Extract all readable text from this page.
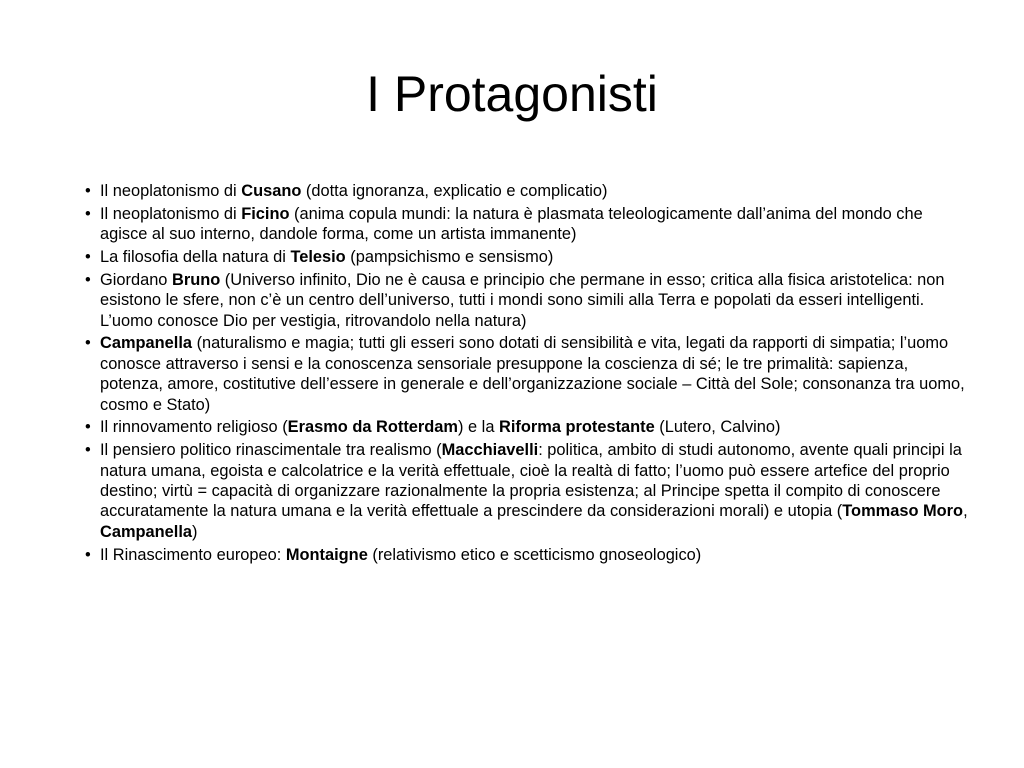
I Protagonisti
• Il neoplatonismo di Cusano (dotta ignoranza, explicatio e complicatio)
• Il neoplatonismo di Ficino (anima copula mundi: la natura è plasmata teleologicamente dall’anima del mondo che agisce al suo interno, dandole forma, come un artista immanente)
• La filosofia della natura di Telesio (pampsichismo e sensismo)
• Giordano Bruno (Universo infinito, Dio ne è causa e principio che permane in esso; critica alla fisica aristotelica: non esistono le sfere, non c’è un centro dell’universo, tutti i mondi sono simili alla Terra e popolati da esseri intelligenti. L’uomo conosce Dio per vestigia, ritrovandolo nella natura)
• Campanella (naturalismo e magia; tutti gli esseri sono dotati di sensibilità e vita, legati da rapporti di simpatia; l’uomo conosce attraverso i sensi e la conoscenza sensoriale presuppone la coscienza di sé; le tre primalità: sapienza, potenza, amore, costitutive dell’essere in generale e dell’organizzazione sociale – Città del Sole; consonanza tra uomo, cosmo e Stato)
• Il rinnovamento religioso (Erasmo da Rotterdam) e la Riforma protestante (Lutero, Calvino)
• Il pensiero politico rinascimentale tra realismo (Macchiavelli: politica, ambito di studi autonomo, avente quali principi la natura umana, egoista e calcolatrice e la verità effettuale, cioè la realtà di fatto; l’uomo può essere artefice del proprio destino; virtù = capacità di organizzare razionalmente la propria esistenza; al Principe spetta il compito di conoscere accuratamente la natura umana e la verità effettuale a prescindere da considerazioni morali) e utopia (Tommaso Moro, Campanella)
• Il Rinascimento europeo: Montaigne (relativismo etico e scetticismo gnoseologico)
